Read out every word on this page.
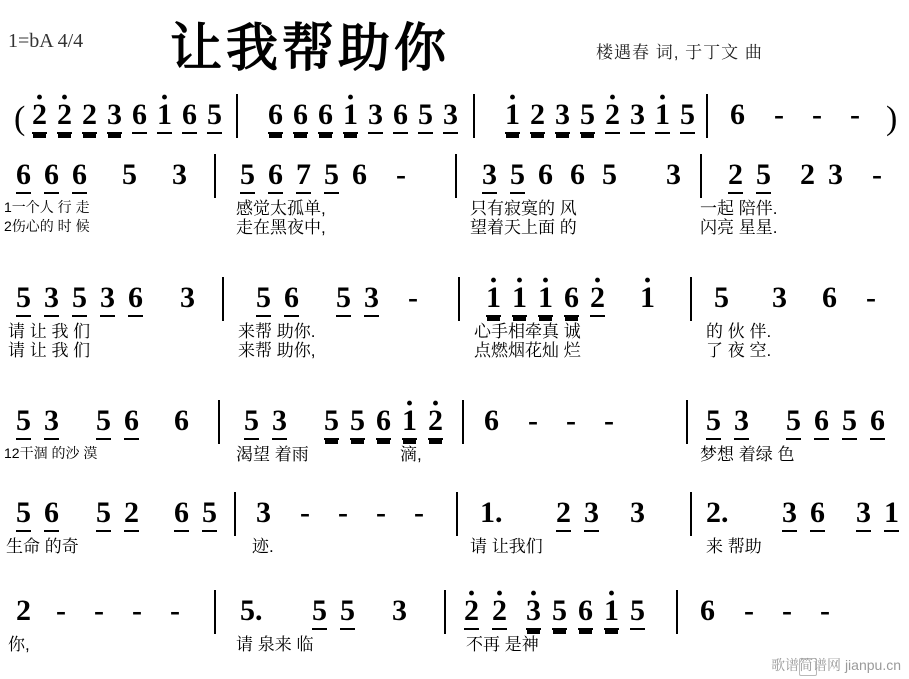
1=bA 4/4 让我帮助你	楼遇春 词, 于丁文 曲
( · 2 · 2 2 3 6 · 1 6 5 6 6 6 · 1 3 6 5 3 · 1 2 3 5 · 2 3 · 1 5 6 - - - )
6 6 6 5 3 5 6 7 5 6 -	3 5 6 6 5 3 2 5 2 3 -
1一个人 行 走
2伤心的 时 候
感觉太孤单,
走在黑夜中,
只有寂寞的 风
望着天上面 的
一起 陪伴.
闪亮 星星.
5 3 5 3 6 3 5 6 5 3 - · 1 · 1 · 1 6 · 2 · 1 5 3 6 -
请 让 我 们
请 让 我 们
来帮 助你.
来帮 助你,
心手相牵真 诚
点燃烟花灿 烂
的 伙 伴.
了 夜 空.
5 3 5 6 6 5 3 5 5 6 · 1 · 2 6 - - -	5 3 5 6 5 6
12干涸 的沙 漠	渴望 着雨	滴,	梦想 着绿 色
5 6 5 2 6 5 3 - - - - 1. 2 3 3 2. 3 6 3 1
生命 的奇	迹.	请 让我们	来 帮助
2 - - - - 5. 5 5 3 · 2 · 2 · 3 5 6 · 1 5 6 - - -
你,	请 泉来 临	不再 是神
歌谱简谱网 jianpu.cn
